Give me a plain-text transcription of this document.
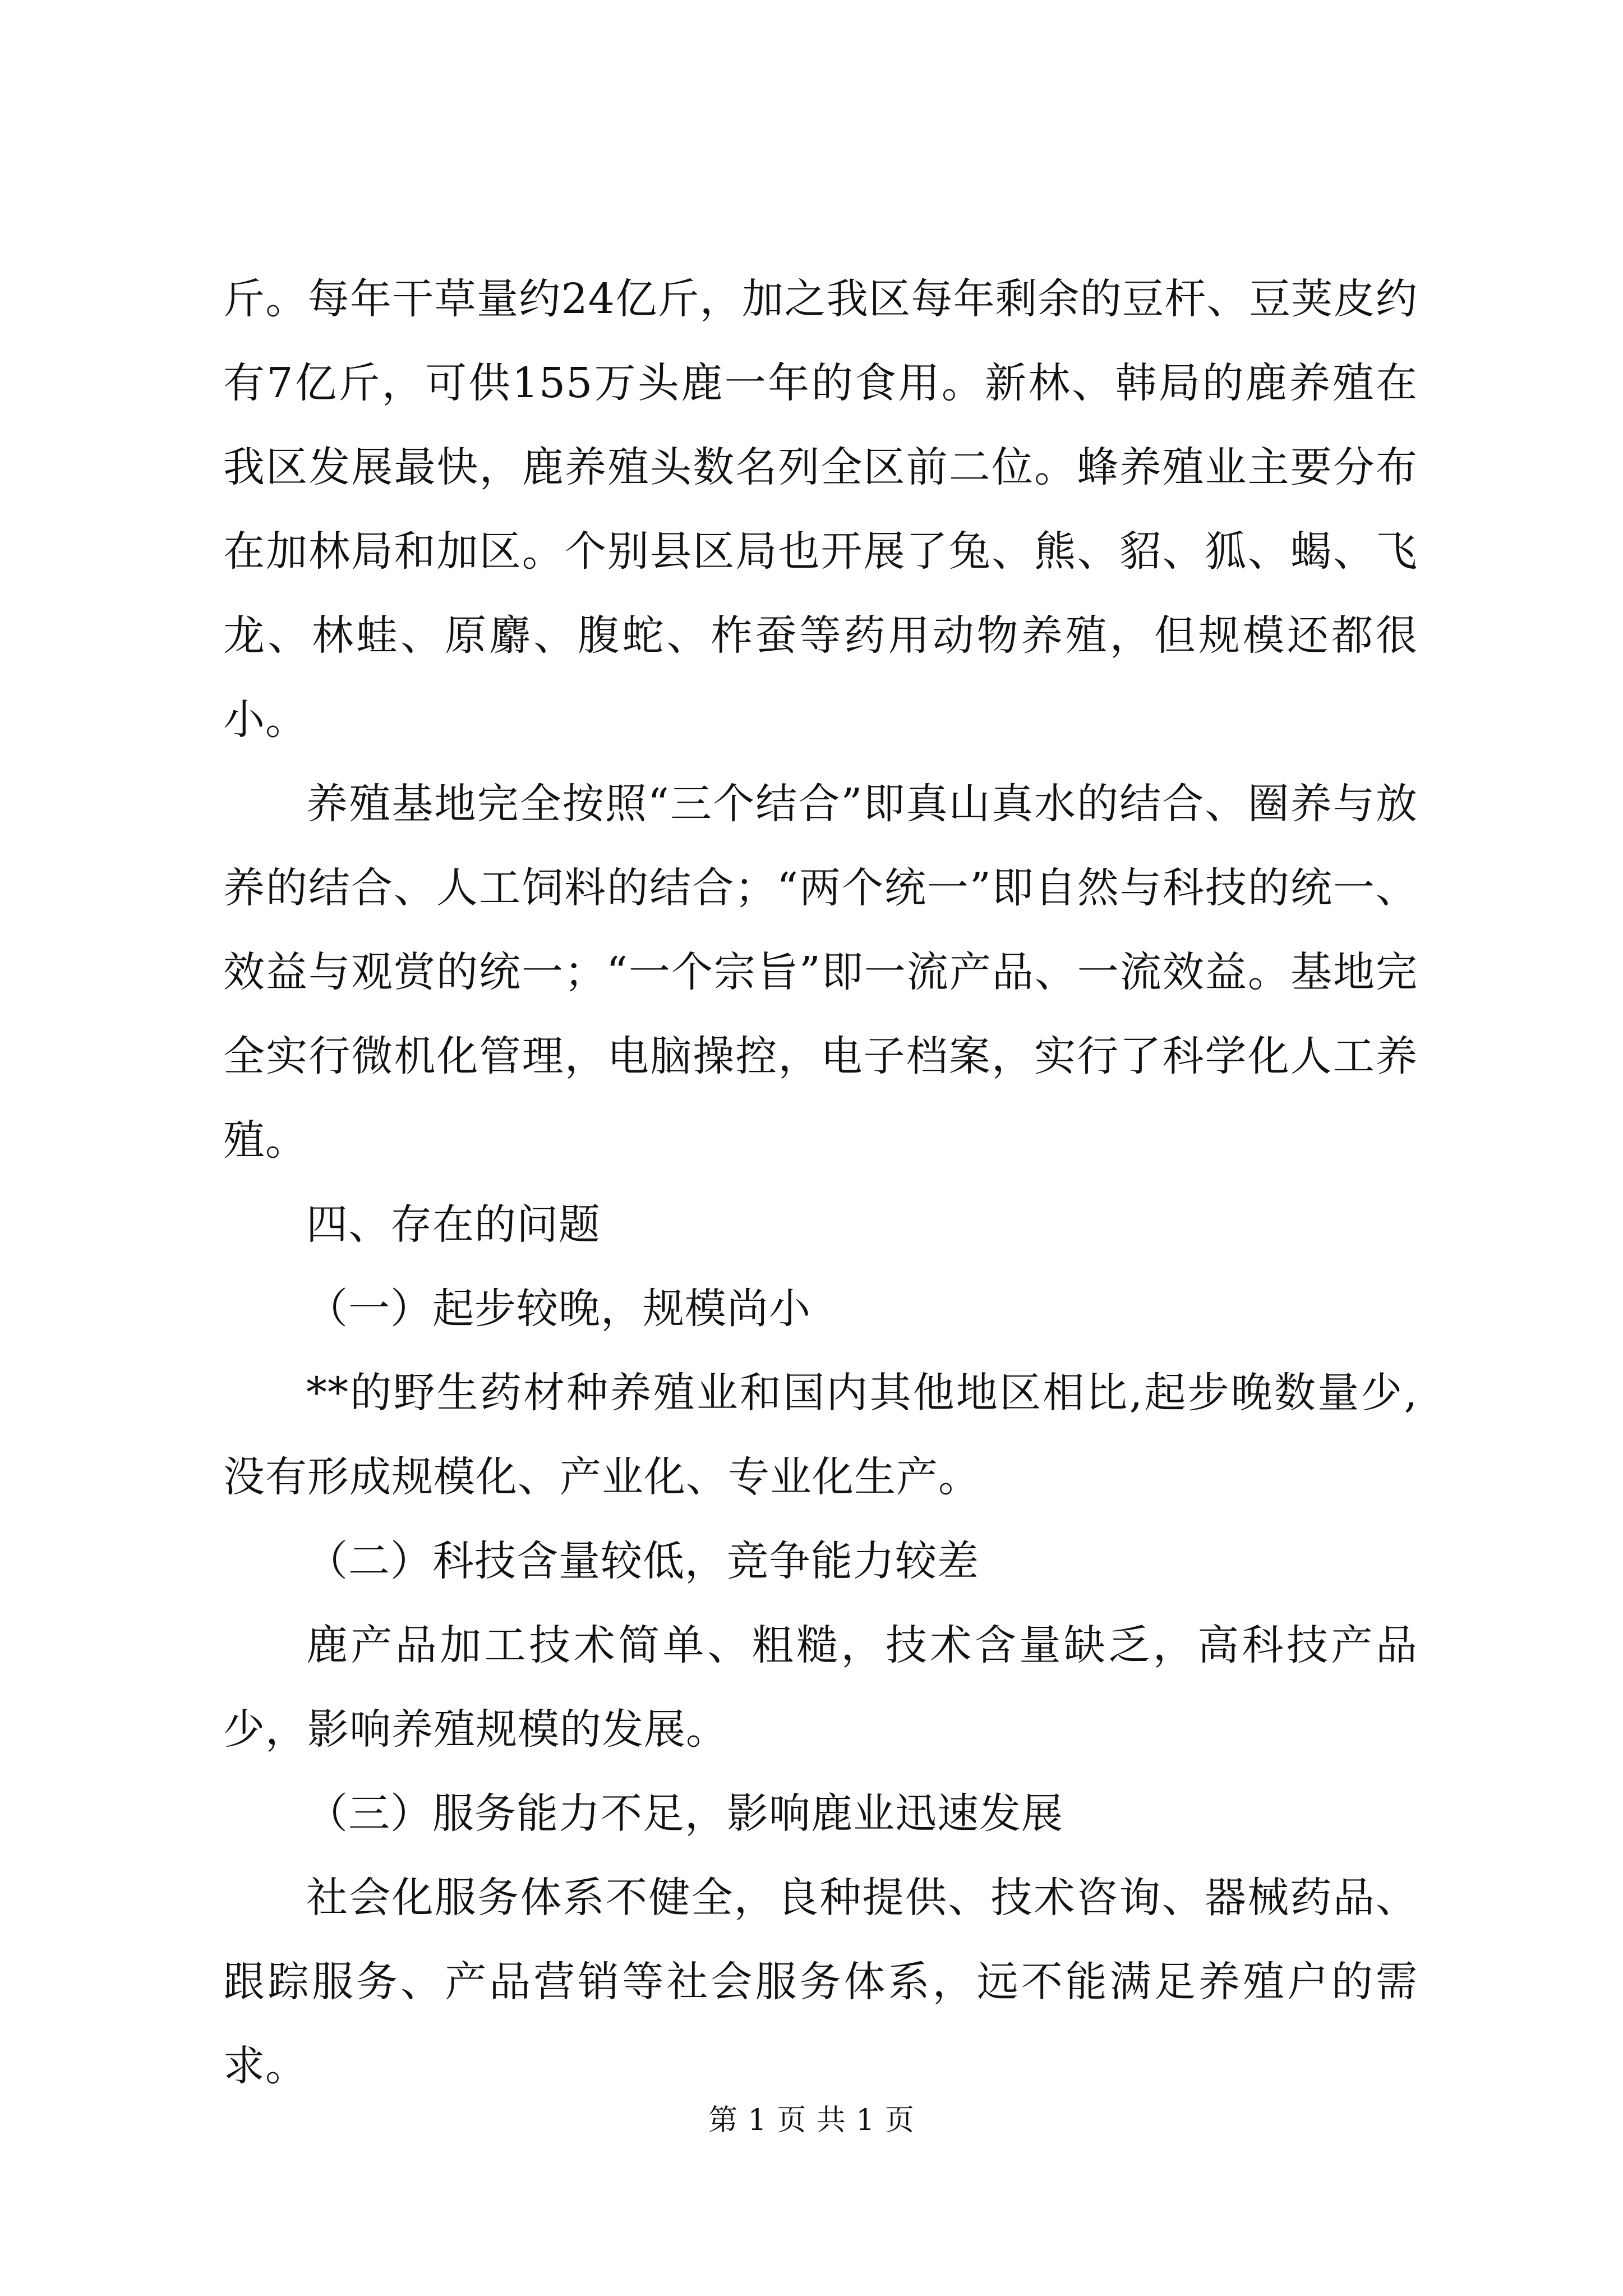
斤。每年干草量约24亿斤，加之我区每年剩余的豆杆、豆荚皮约有7亿斤，可供155万头鹿一年的食用。新林、韩局的鹿养殖在我区发展最快，鹿养殖头数名列全区前二位。蜂养殖业主要分布在加林局和加区。个别县区局也开展了兔、熊、貂、狐、蝎、飞龙、林蛙、原麝、腹蛇、柞蚕等药用动物养殖，但规模还都很小。

养殖基地完全按照“三个结合”即真山真水的结合、圈养与放养的结合、人工饲料的结合；“两个统一”即自然与科技的统一、效益与观赏的统一；“一个宗旨”即一流产品、一流效益。基地完全实行微机化管理，电脑操控，电子档案，实行了科学化人工养殖。

四、存在的问题

（一）起步较晚，规模尚小

**的野生药材种养殖业和国内其他地区相比,起步晚数量少,没有形成规模化、产业化、专业化生产。

（二）科技含量较低，竞争能力较差

鹿产品加工技术简单、粗糙，技术含量缺乏，高科技产品少，影响养殖规模的发展。

（三）服务能力不足，影响鹿业迅速发展

社会化服务体系不健全，良种提供、技术咨询、器械药品、跟踪服务、产品营销等社会服务体系，远不能满足养殖户的需求。

第 1 页 共 1 页
